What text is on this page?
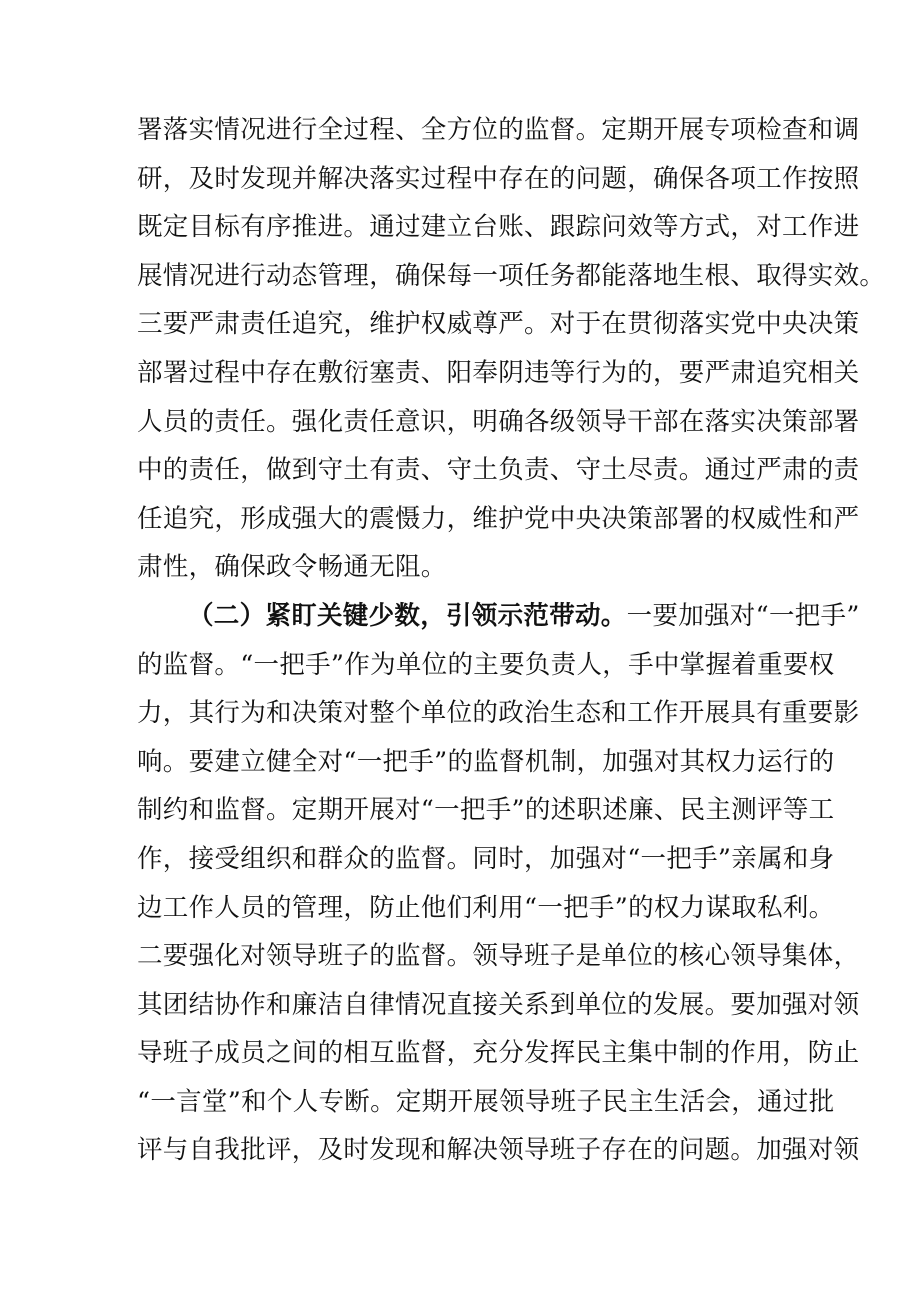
署落实情况进行全过程、全方位的监督。定期开展专项检查和调
研，及时发现并解决落实过程中存在的问题，确保各项工作按照
既定目标有序推进。通过建立台账、跟踪问效等方式，对工作进
展情况进行动态管理，确保每一项任务都能落地生根、取得实效。
三要严肃责任追究，维护权威尊严。对于在贯彻落实党中央决策
部署过程中存在敷衍塞责、阳奉阴违等行为的，要严肃追究相关
人员的责任。强化责任意识，明确各级领导干部在落实决策部署
中的责任，做到守土有责、守土负责、守土尽责。通过严肃的责
任追究，形成强大的震慑力，维护党中央决策部署的权威性和严
肃性，确保政令畅通无阻。
（二）紧盯关键少数，引领示范带动。一要加强对“一把手”
的监督。“一把手”作为单位的主要负责人，手中掌握着重要权
力，其行为和决策对整个单位的政治生态和工作开展具有重要影
响。要建立健全对“一把手”的监督机制，加强对其权力运行的
制约和监督。定期开展对“一把手”的述职述廉、民主测评等工
作，接受组织和群众的监督。同时，加强对“一把手”亲属和身
边工作人员的管理，防止他们利用“一把手”的权力谋取私利。
二要强化对领导班子的监督。领导班子是单位的核心领导集体，
其团结协作和廉洁自律情况直接关系到单位的发展。要加强对领
导班子成员之间的相互监督，充分发挥民主集中制的作用，防止
“一言堂”和个人专断。定期开展领导班子民主生活会，通过批
评与自我批评，及时发现和解决领导班子存在的问题。加强对领
